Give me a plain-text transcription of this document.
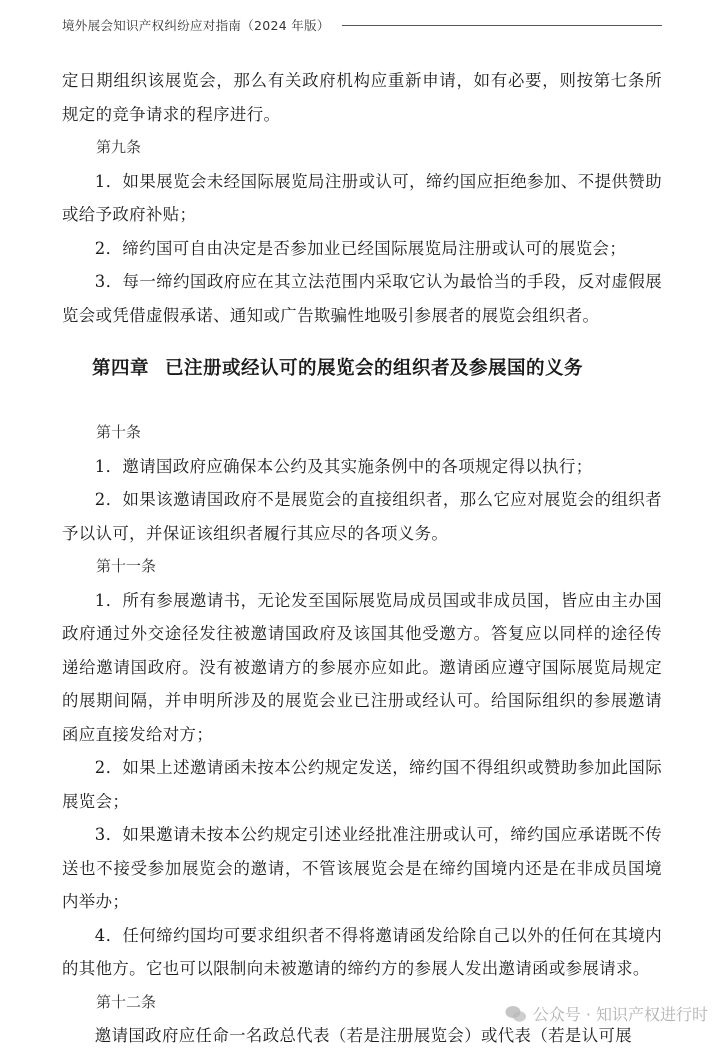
境外展会知识产权纠纷应对指南（2024 年版）

定日期组织该展览会，那么有关政府机构应重新申请，如有必要，则按第七条所规定的竞争请求的程序进行。

第九条

1．如果展览会未经国际展览局注册或认可，缔约国应拒绝参加、不提供赞助或给予政府补贴；

2．缔约国可自由决定是否参加业已经国际展览局注册或认可的展览会；

3．每一缔约国政府应在其立法范围内采取它认为最恰当的手段，反对虚假展览会或凭借虚假承诺、通知或广告欺骗性地吸引参展者的展览会组织者。

第四章 已注册或经认可的展览会的组织者及参展国的义务

第十条

1．邀请国政府应确保本公约及其实施条例中的各项规定得以执行；

2．如果该邀请国政府不是展览会的直接组织者，那么它应对展览会的组织者予以认可，并保证该组织者履行其应尽的各项义务。

第十一条

1．所有参展邀请书，无论发至国际展览局成员国或非成员国，皆应由主办国政府通过外交途径发往被邀请国政府及该国其他受邀方。答复应以同样的途径传递给邀请国政府。没有被邀请方的参展亦应如此。邀请函应遵守国际展览局规定的展期间隔，并申明所涉及的展览会业已注册或经认可。给国际组织的参展邀请函应直接发给对方；

2．如果上述邀请函未按本公约规定发送，缔约国不得组织或赞助参加此国际展览会；

3．如果邀请未按本公约规定引述业经批准注册或认可，缔约国应承诺既不传送也不接受参加展览会的邀请，不管该展览会是在缔约国境内还是在非成员国境内举办；

4．任何缔约国均可要求组织者不得将邀请函发给除自己以外的任何在其境内的其他方。它也可以限制向未被邀请的缔约方的参展人发出邀请函或参展请求。

第十二条

邀请国政府应任命一名政总代表（若是注册展览会）或代表（若是认可展

公众号 · 知识产权进行时
